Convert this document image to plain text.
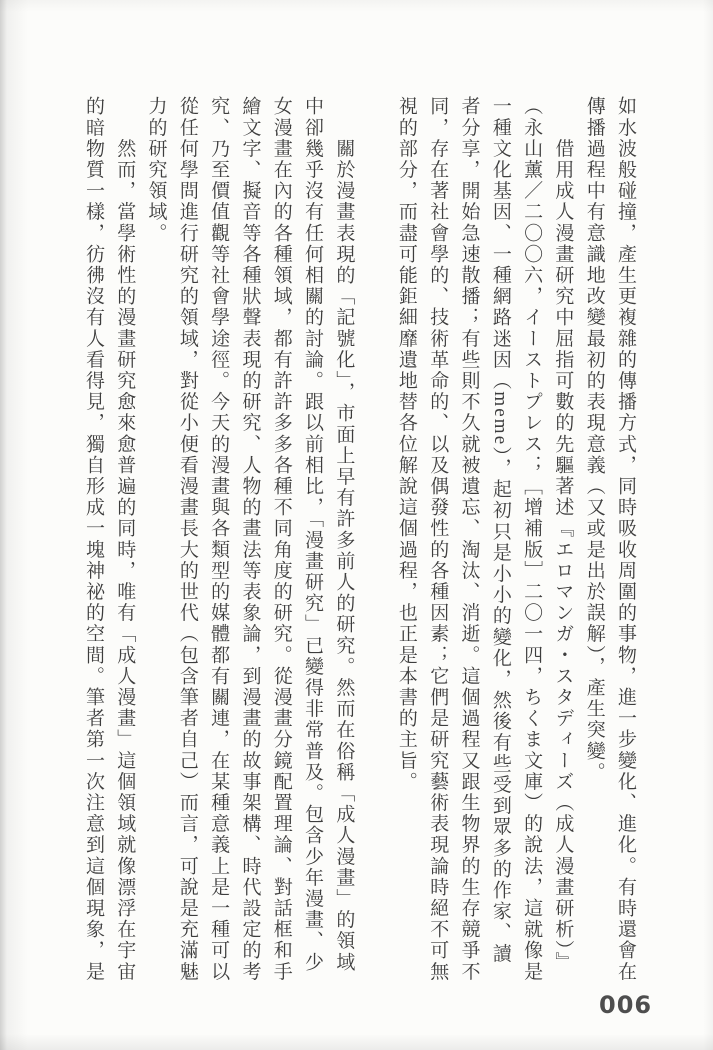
如水波般碰撞，產生更複雜的傳播方式，同時吸收周圍的事物，進一步變化、進化。有時還會在
傳播過程中有意識地改變最初的表現意義（又或是出於誤解），產生突變。
　　借用成人漫畫研究中屈指可數的先驅著述『エロマンガ・スタディーズ（成人漫畫研析）』
（永山薰／二〇〇六，イーストプレス；［增補版］二〇一四，ちくま文庫）的說法，這就像是
一種文化基因、一種網路迷因（meme），起初只是小小的變化，然後有些受到眾多的作家、讀
者分享，開始急速散播；有些則不久就被遺忘、淘汰、消逝。這個過程又跟生物界的生存競爭不
同，存在著社會學的、技術革命的、以及偶發性的各種因素；它們是研究藝術表現論時絕不可無
視的部分，而盡可能鉅細靡遺地替各位解說這個過程，也正是本書的主旨。
　　關於漫畫表現的「記號化」，市面上早有許多前人的研究。然而在俗稱「成人漫畫」的領域
中卻幾乎沒有任何相關的討論。跟以前相比，「漫畫研究」已變得非常普及。包含少年漫畫、少
女漫畫在內的各種領域，都有許許多多各種不同角度的研究。從漫畫分鏡配置理論、對話框和手
繪文字、擬音等各種狀聲表現的研究、人物的畫法等表象論，到漫畫的故事架構、時代設定的考
究、乃至價值觀等社會學途徑。今天的漫畫與各類型的媒體都有關連，在某種意義上是一種可以
從任何學問進行研究的領域，對從小便看漫畫長大的世代（包含筆者自己）而言，可說是充滿魅
力的研究領域。
　　然而，當學術性的漫畫研究愈來愈普遍的同時，唯有「成人漫畫」這個領域就像漂浮在宇宙
的暗物質一樣，彷彿沒有人看得見，獨自形成一塊神祕的空間。筆者第一次注意到這個現象，是
006
